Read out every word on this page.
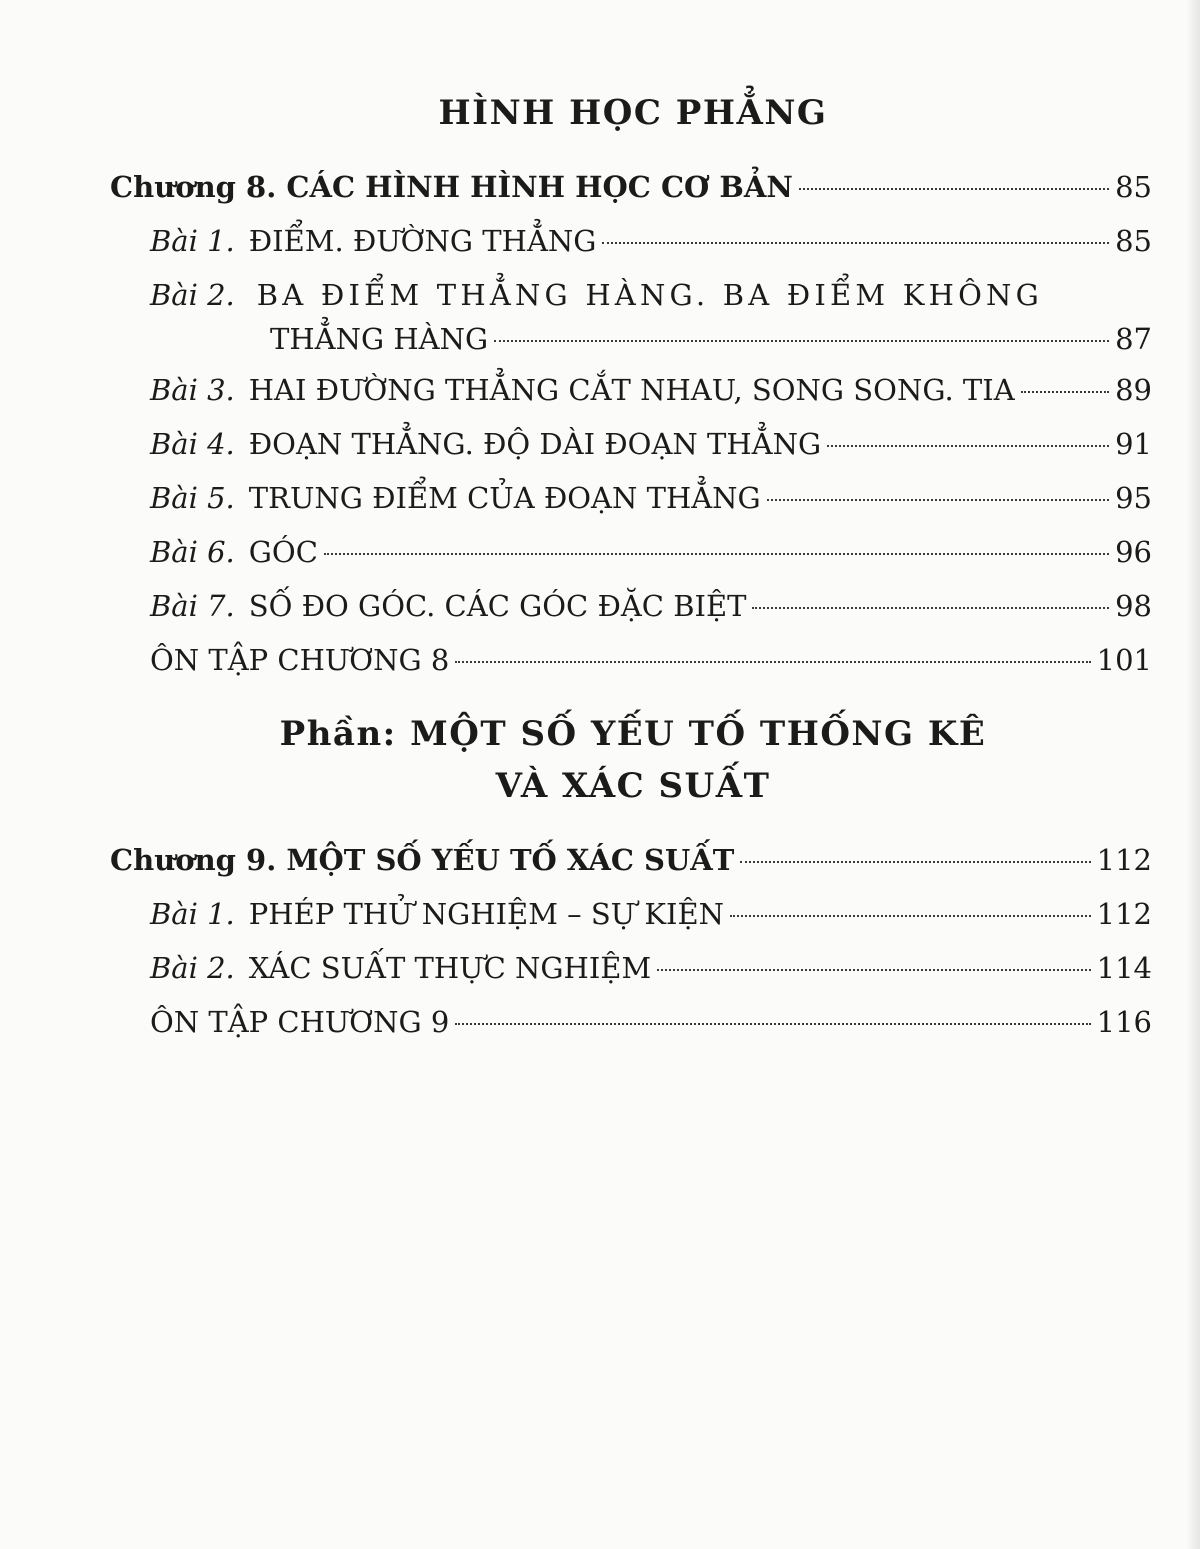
HÌNH HỌC PHẲNG
Chương 8. CÁC HÌNH HÌNH HỌC CƠ BẢN	85
Bài 1. ĐIỂM. ĐƯỜNG THẲNG	85
Bài 2. BA ĐIỂM THẲNG HÀNG. BA ĐIỂM KHÔNG
THẲNG HÀNG	87
Bài 3. HAI ĐƯỜNG THẲNG CẮT NHAU, SONG SONG. TIA	89
Bài 4. ĐOẠN THẲNG. ĐỘ DÀI ĐOẠN THẲNG	91
Bài 5. TRUNG ĐIỂM CỦA ĐOẠN THẲNG	95
Bài 6. GÓC	96
Bài 7. SỐ ĐO GÓC. CÁC GÓC ĐẶC BIỆT	98
ÔN TẬP CHƯƠNG 8	101
Phần: MỘT SỐ YẾU TỐ THỐNG KÊ
VÀ XÁC SUẤT
Chương 9. MỘT SỐ YẾU TỐ XÁC SUẤT	112
Bài 1. PHÉP THỬ NGHIỆM – SỰ KIỆN	112
Bài 2. XÁC SUẤT THỰC NGHIỆM	114
ÔN TẬP CHƯƠNG 9	116
